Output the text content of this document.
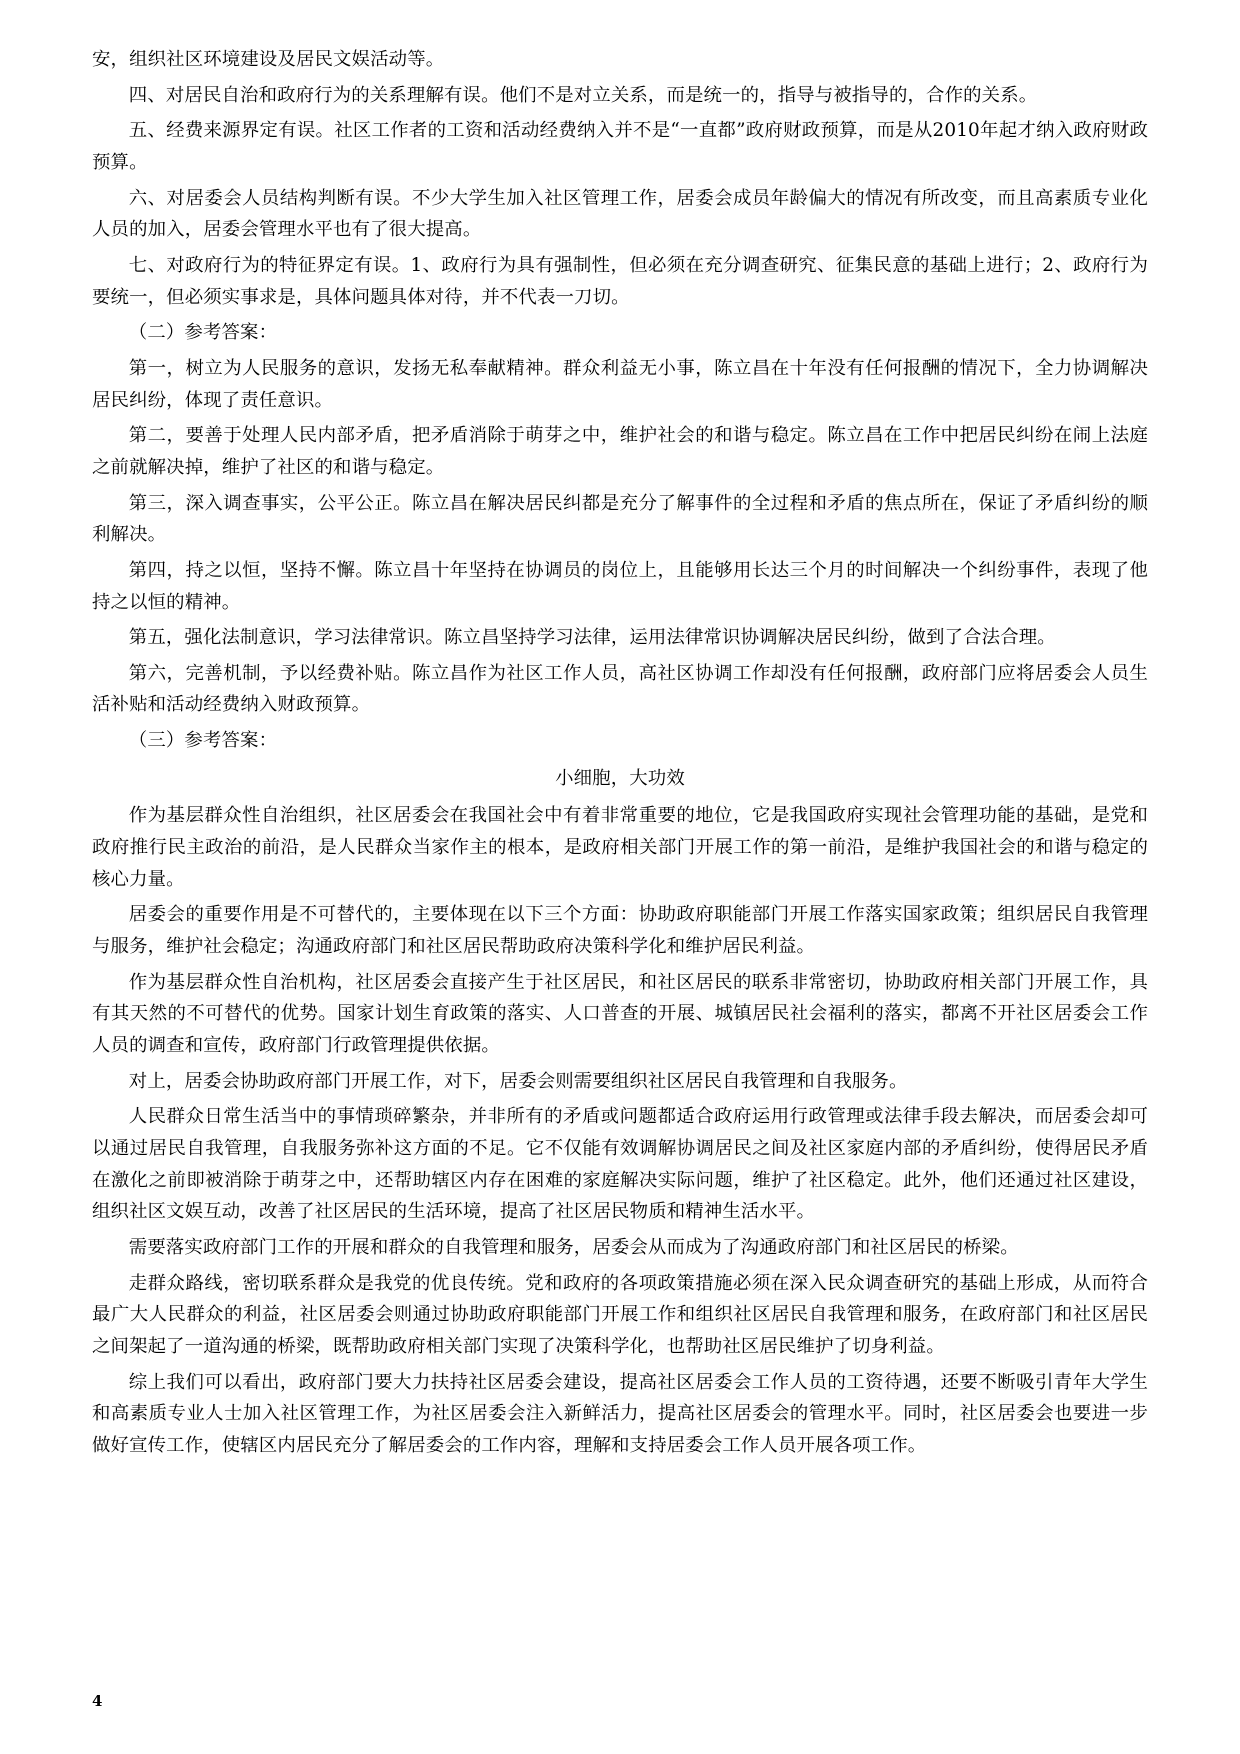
安，组织社区环境建设及居民文娱活动等。

四、对居民自治和政府行为的关系理解有误。他们不是对立关系，而是统一的，指导与被指导的，合作的关系。

五、经费来源界定有误。社区工作者的工资和活动经费纳入并不是“一直都”政府财政预算，而是从2010年起才纳入政府财政预算。

六、对居委会人员结构判断有误。不少大学生加入社区管理工作，居委会成员年龄偏大的情况有所改变，而且高素质专业化人员的加入，居委会管理水平也有了很大提高。

七、对政府行为的特征界定有误。1、政府行为具有强制性，但必须在充分调查研究、征集民意的基础上进行；2、政府行为要统一，但必须实事求是，具体问题具体对待，并不代表一刀切。

（二）参考答案：

第一，树立为人民服务的意识，发扬无私奉献精神。群众利益无小事，陈立昌在十年没有任何报酬的情况下，全力协调解决居民纠纷，体现了责任意识。

第二，要善于处理人民内部矛盾，把矛盾消除于萌芽之中，维护社会的和谐与稳定。陈立昌在工作中把居民纠纷在闹上法庭之前就解决掉，维护了社区的和谐与稳定。

第三，深入调查事实，公平公正。陈立昌在解决居民纠都是充分了解事件的全过程和矛盾的焦点所在，保证了矛盾纠纷的顺利解决。

第四，持之以恒，坚持不懈。陈立昌十年坚持在协调员的岗位上，且能够用长达三个月的时间解决一个纠纷事件，表现了他持之以恒的精神。

第五，强化法制意识，学习法律常识。陈立昌坚持学习法律，运用法律常识协调解决居民纠纷，做到了合法合理。

第六，完善机制，予以经费补贴。陈立昌作为社区工作人员，高社区协调工作却没有任何报酬，政府部门应将居委会人员生活补贴和活动经费纳入财政预算。

（三）参考答案：

小细胞，大功效

作为基层群众性自治组织，社区居委会在我国社会中有着非常重要的地位，它是我国政府实现社会管理功能的基础，是党和政府推行民主政治的前沿，是人民群众当家作主的根本，是政府相关部门开展工作的第一前沿，是维护我国社会的和谐与稳定的核心力量。

居委会的重要作用是不可替代的，主要体现在以下三个方面：协助政府职能部门开展工作落实国家政策；组织居民自我管理与服务，维护社会稳定；沟通政府部门和社区居民帮助政府决策科学化和维护居民利益。

作为基层群众性自治机构，社区居委会直接产生于社区居民，和社区居民的联系非常密切，协助政府相关部门开展工作，具有其天然的不可替代的优势。国家计划生育政策的落实、人口普查的开展、城镇居民社会福利的落实，都离不开社区居委会工作人员的调查和宣传，政府部门行政管理提供依据。

对上，居委会协助政府部门开展工作，对下，居委会则需要组织社区居民自我管理和自我服务。

人民群众日常生活当中的事情琐碎繁杂，并非所有的矛盾或问题都适合政府运用行政管理或法律手段去解决，而居委会却可以通过居民自我管理，自我服务弥补这方面的不足。它不仅能有效调解协调居民之间及社区家庭内部的矛盾纠纷，使得居民矛盾在激化之前即被消除于萌芽之中，还帮助辖区内存在困难的家庭解决实际问题，维护了社区稳定。此外，他们还通过社区建设，组织社区文娱互动，改善了社区居民的生活环境，提高了社区居民物质和精神生活水平。

需要落实政府部门工作的开展和群众的自我管理和服务，居委会从而成为了沟通政府部门和社区居民的桥梁。

走群众路线，密切联系群众是我党的优良传统。党和政府的各项政策措施必须在深入民众调查研究的基础上形成，从而符合最广大人民群众的利益，社区居委会则通过协助政府职能部门开展工作和组织社区居民自我管理和服务，在政府部门和社区居民之间架起了一道沟通的桥梁，既帮助政府相关部门实现了决策科学化，也帮助社区居民维护了切身利益。

综上我们可以看出，政府部门要大力扶持社区居委会建设，提高社区居委会工作人员的工资待遇，还要不断吸引青年大学生和高素质专业人士加入社区管理工作，为社区居委会注入新鲜活力，提高社区居委会的管理水平。同时，社区居委会也要进一步做好宣传工作，使辖区内居民充分了解居委会的工作内容，理解和支持居委会工作人员开展各项工作。

4
